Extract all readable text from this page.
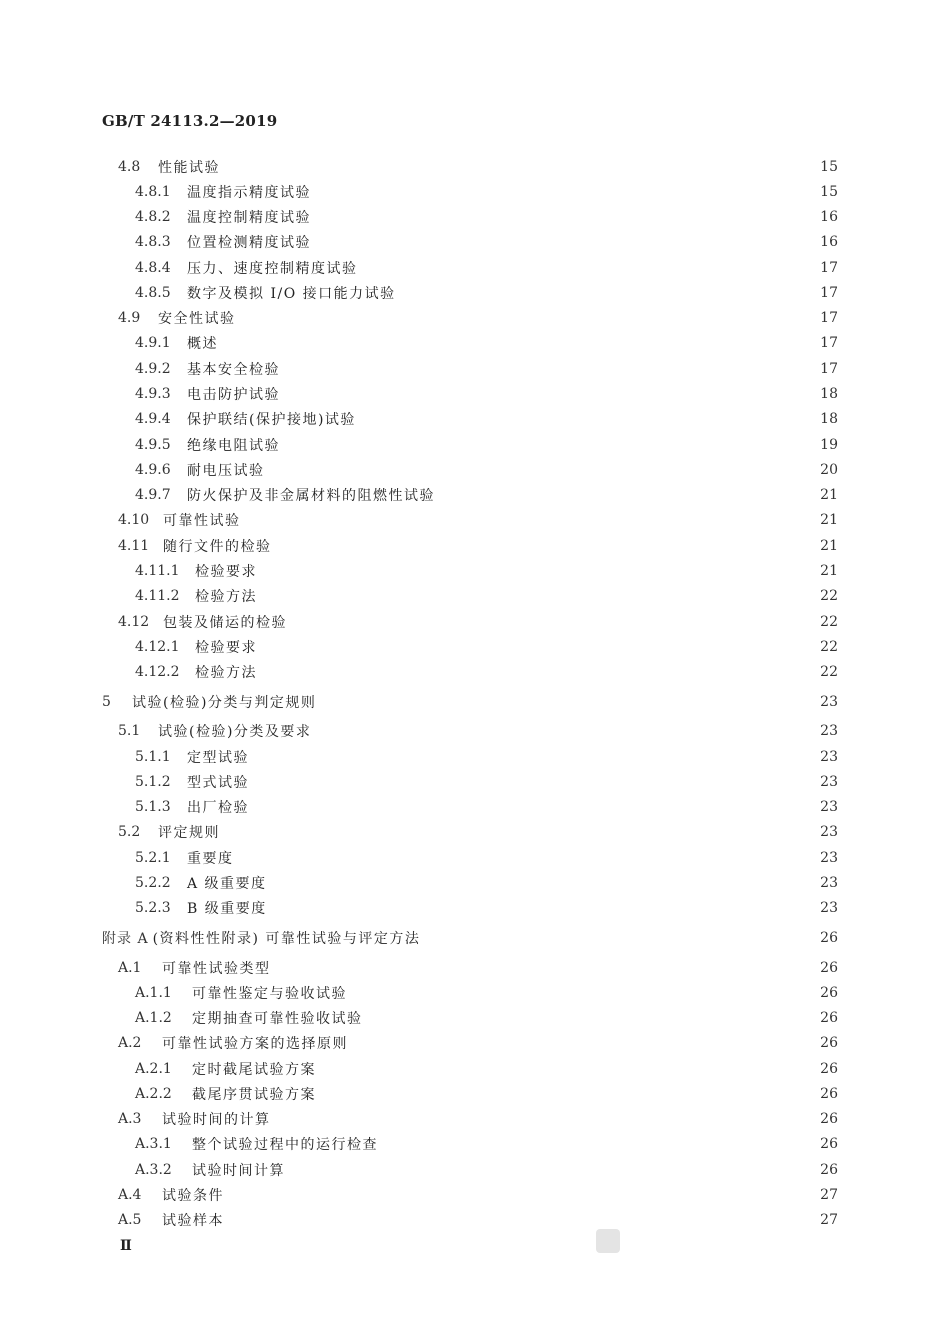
GB/T 24113.2—2019
4.8	性能试验	15
4.8.1	温度指示精度试验	15
4.8.2	温度控制精度试验	16
4.8.3	位置检测精度试验	16
4.8.4	压力、速度控制精度试验	17
4.8.5	数字及模拟 I/O 接口能力试验	17
4.9	安全性试验	17
4.9.1	概述	17
4.9.2	基本安全检验	17
4.9.3	电击防护试验	18
4.9.4	保护联结(保护接地)试验	18
4.9.5	绝缘电阻试验	19
4.9.6	耐电压试验	20
4.9.7	防火保护及非金属材料的阻燃性试验	21
4.10 可靠性试验	21
4.11 随行文件的检验	21
4.11.1	检验要求	21
4.11.2	检验方法	22
4.12 包装及储运的检验	22
4.12.1	检验要求	22
4.12.2	检验方法	22
5	试验(检验)分类与判定规则	23
5.1	试验(检验)分类及要求	23
5.1.1	定型试验	23
5.1.2	型式试验	23
5.1.3	出厂检验	23
5.2	评定规则	23
5.2.1	重要度	23
5.2.2	A 级重要度	23
5.2.3	B 级重要度	23
附录 A (资料性性附录) 可靠性试验与评定方法	26
A.1	可靠性试验类型	26
A.1.1	可靠性鉴定与验收试验	26
A.1.2	定期抽查可靠性验收试验	26
A.2	可靠性试验方案的选择原则	26
A.2.1	定时截尾试验方案	26
A.2.2	截尾序贯试验方案	26
A.3	试验时间的计算	26
A.3.1	整个试验过程中的运行检查	26
A.3.2	试验时间计算	26
A.4	试验条件	27
A.5	试验样本	27
Ⅱ
